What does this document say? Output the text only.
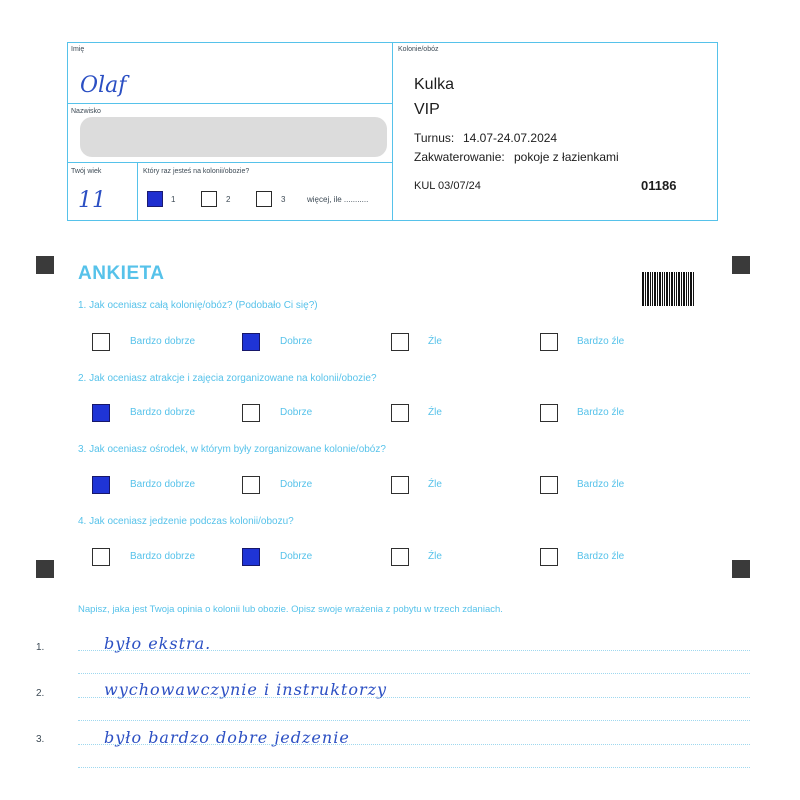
Imię
Olaf
Nazwisko
Twój wiek
11
Który raz jesteś na kolonii/obozie?
1	2	3	więcej, ile ...........
Kolonie/obóz
Kulka
VIP
Turnus: 14.07-24.07.2024
Zakwaterowanie: pokoje z łazienkami
KUL 03/07/24	01186
ANKIETA
1. Jak oceniasz całą kolonię/obóz? (Podobało Ci się?)
2. Jak oceniasz atrakcje i zajęcia zorganizowane na kolonii/obozie?
3. Jak oceniasz ośrodek, w którym były zorganizowane kolonie/obóz?
4. Jak oceniasz jedzenie podczas kolonii/obozu?
Bardzo dobrze	Dobrze	Źle	Bardzo źle
Bardzo dobrze	Dobrze	Źle	Bardzo źle
Bardzo dobrze	Dobrze	Źle	Bardzo źle
Bardzo dobrze	Dobrze	Źle	Bardzo źle
Napisz, jaka jest Twoja opinia o kolonii lub obozie. Opisz swoje wrażenia z pobytu w trzech zdaniach.
1.
2.
3.
było ekstra.
wychowawczynie i instruktorzy
było bardzo dobre jedzenie
